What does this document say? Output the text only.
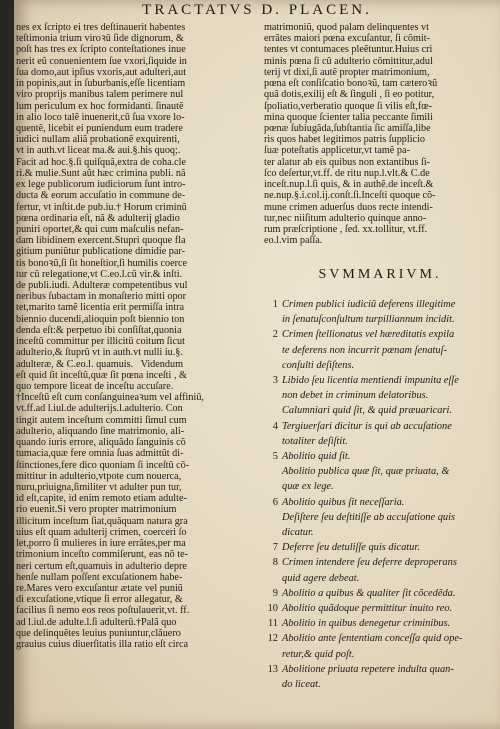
TRACTATVS D. PLACEN.
nes ex ſcripto ei tres deſtinauerit habentes
teſtimonia trium viroꝛũ ſide dignorum, &
poſt has tres ex ſcripto conteſtationes inue
nerit eũ conuenientem ſue vxori,ſiquide in
ſua domo,aut ipſius vxoris,aut adulteri,aut
in popinis,aut in ſuburbanis,eſſe licentiam
viro proprijs manibus talem perimere nul
lum periculum ex hoc formidanti. ſinautẽ
in alio loco talẽ inuenerit,cũ ſua vxore lo-
quentẽ, licebit ei puniendum eum tradere
iudici nullam aliã probationẽ exquirenti,
vt in auth.vt liceat ma.& aui.§.his quoq;.
Facit ad hoc.§.ſi quiſquã,extra de coha.cle
ri.& mulie.Sunt aũt hæc crimina publi. nã
ex lege publicorum iudiciorum ſunt intro-
ducta & eorum accuſatio in commune de-
fertur, vt inſtit.de pub.iu.† Horum criminũ
pœna ordinaria eſt, nã & adulterij gladio
puniri oportet,& qui cum maſculis nefan-
dam libidinem exercent.Stupri quoque fla
gitium puniũtur publicatione dimidie par-
tis bonoꝛũ,ſi ſit honeſtior,ſi humilis coerce
tur cũ relegatione,vt C.eo.l.cũ vir.& inſti.
de publi.iudi. Adulteræ competentibus vul
neribus ſubactam in monaſterio mitti opor
tet,marito tamẽ licentia erit permiſſa intra
biennio ducendi,alioquin poſt biennio ton
denda eſt:& perpetuo ibi conſiſtat,quonia
inceſtũ committur per illicitũ coitum ſicut
adulterio,& ſtuprũ vt in auth.vt nulli iu.§.
adulteræ, & C.eo.l. quamuis.   Videndum
eſt quid ſit inceſtũ,quæ ſit pœna inceſti , &
quo tempore liceat de inceſtu accuſare.
†Inceſtũ eſt cum conſanguineaꝛum vel affiniũ,
vt.ff.ad l.iul.de adulterijs.l.adulterio. Con
tingit autem inceſtum committi ſimul cum
adulterio, aliquando ſine matrimonio, ali-
quando iuris errore, aliquãdo ſanguinis cõ
tumacia,quæ fere omnia ſuas admittũt di-
ſtinctiones,fere dico quoniam ſi inceſtũ cõ-
mittitur in adulterio,vtpote cum nouerca,
nuru,priuigna,ſimiliter vt adulter pun tur,
id eſt,capite, id enim remoto etiam adulte-
rio euenit.Si vero propter matrimonium
illicitum inceſtum ſiat,quãquam natura gra
uius eſt quam adulterij crimen, coerceri ſo
let,porro ſi mulieres in iure errãtes,per ma
trimonium inceſto commiſerunt, eas nõ te-
neri certum eſt,quamuis in adulterio depre
henſe nullam poſſent excuſationem habe-
re.Mares vero excuſantur ætate vel puniũ
di excuſatione,vtique ſi error allegatur, &
facilius ſi nemo eos reos poſtulauerit,vt. ff.
ad l.iul.de adulte.l.ſi adulterũ.†Palã quo
que delinquẽtes leuius puniuntur,clãuero
grauius cuius diuerſitatis illa ratio eſt circa
matrimoniũ, quod palam delinquentes vt
errãtes maiori pœna excuſantur, ſi cõmit-
tentes vt contumaces pleẽtuntur.Huius cri
minis pœna ſi cũ adulterio cõmittitur,adul
terij vt dixi,ſi autẽ propter matrimonium,
pœna eſt conſiſcatio bonoꝛũ, tam cæteroꝛũ
quã dotis,exilij eſt & ſinguli , ſi eo potitur,
ſpoliatio,verberatio quoque ſi vilis eſt,fœ-
mina quoque ſcienter talia peccante ſimili
pœnæ ſubiugãda,ſubſtantia ſic amiſſa,libe
ris quos habet legitimos patris ſupplicio
ſuæ poteſtatis applicetur,vt tamẽ pa-
ter alatur ab eis quibus non extantibus ſi-
ſco deſertur,vt.ff. de ritu nup.l.vlt.& C.de
inceſt.nup.l.ſi quis, & in authẽ.de inceſt.&
ne.nup.§.i.col.ij.conſt.ſi.Inceſti quoque cõ-
mune crimen aduerſus duos recte intendi-
tur,nec niiſitum adulterio quinque anno-
rum præſcriptione , ſed. xx.tollitur, vt.ff.
eo.l.vim paſſa.
SVMMARIVM.
1 Crimen publici iudiciũ deferens illegitime
in ſenatuſconſultum turpilliannum incidit.
2 Crimen ſtellionatus vel hæreditatis expila
te deferens non incurrit pœnam ſenatuſ-
conſulti deſiſtens.
3 Libido ſeu licentia mentiendi impunita eſſe
non debet in criminum delatoribus.
Calumniari quid ſit, & quid præuaricari.
4 Tergiuerſari dicitur is qui ab accuſatione
totaliter deſiſtit.
5 Abolitio quid ſit.
Abolitio publica quæ ſit, quæ priuata, &
quæ ex lege.
6 Abolitio quibus ſit neceſſaria.
Deſiſtere ſeu deſtitiſſe ab accuſatione quis
dicatur.
7 Deferre ſeu detuliſſe quis dicatur.
8 Crimen intendere ſeu deferre deproperans
quid agere debeat.
9 Abolitio a quibus & qualiter ſit cõcedẽda.
10 Abolitio quãdoque permittitur inuito reo.
11 Abolitio in quibus denegetur criminibus.
12 Abolitio ante ſententiam conceſſa quid ope-
retur,& quid poſt.
13 Abolitione priuata repetere indulta quan-
do liceat.
